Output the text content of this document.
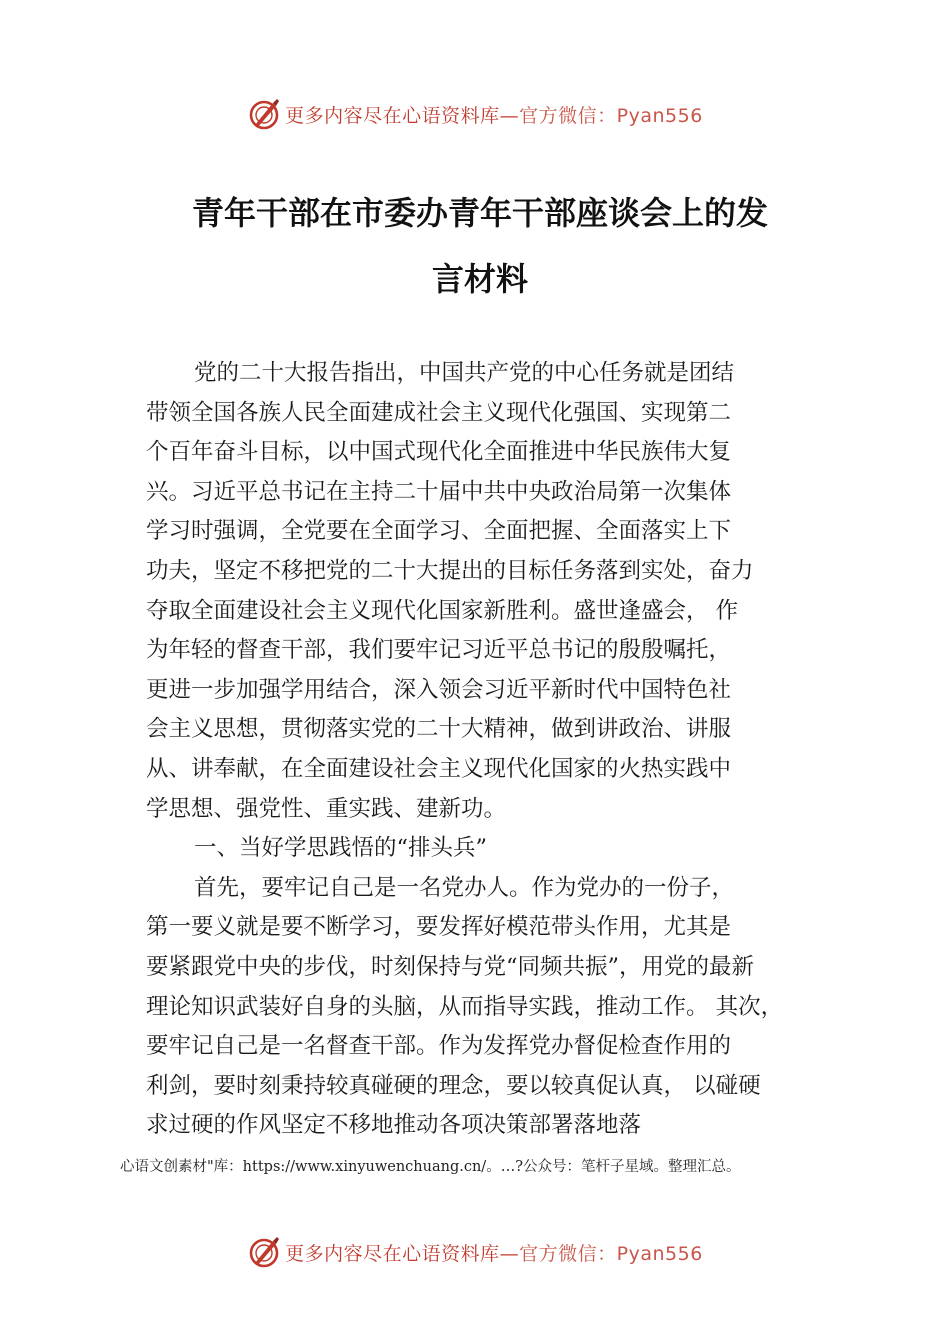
更多内容尽在心语资料库—官方微信：Pyan556
青年干部在市委办青年干部座谈会上的发
言材料
党的二十大报告指出，中国共产党的中心任务就是团结
带领全国各族人民全面建成社会主义现代化强国、实现第二
个百年奋斗目标，以中国式现代化全面推进中华民族伟大复
兴。习近平总书记在主持二十届中共中央政治局第一次集体
学习时强调，全党要在全面学习、全面把握、全面落实上下
功夫，坚定不移把党的二十大提出的目标任务落到实处，奋力
夺取全面建设社会主义现代化国家新胜利。盛世逢盛会， 作
为年轻的督查干部，我们要牢记习近平总书记的殷殷嘱托，
更进一步加强学用结合，深入领会习近平新时代中国特色社
会主义思想，贯彻落实党的二十大精神，做到讲政治、讲服
从、讲奉献，在全面建设社会主义现代化国家的火热实践中
学思想、强党性、重实践、建新功。
一、当好学思践悟的“排头兵”
首先，要牢记自己是一名党办人。作为党办的一份子，
第一要义就是要不断学习，要发挥好模范带头作用，尤其是
要紧跟党中央的步伐，时刻保持与党“同频共振”，用党的最新
理论知识武装好自身的头脑，从而指导实践，推动工作。 其次，
要牢记自己是一名督查干部。作为发挥党办督促检查作用的
利剑，要时刻秉持较真碰硬的理念，要以较真促认真， 以碰硬
求过硬的作风坚定不移地推动各项决策部署落地落
心语文创素材"库：https://www.xinyuwenchuang.cn/。…?公众号：笔杆子星域。整理汇总。
更多内容尽在心语资料库—官方微信：Pyan556
